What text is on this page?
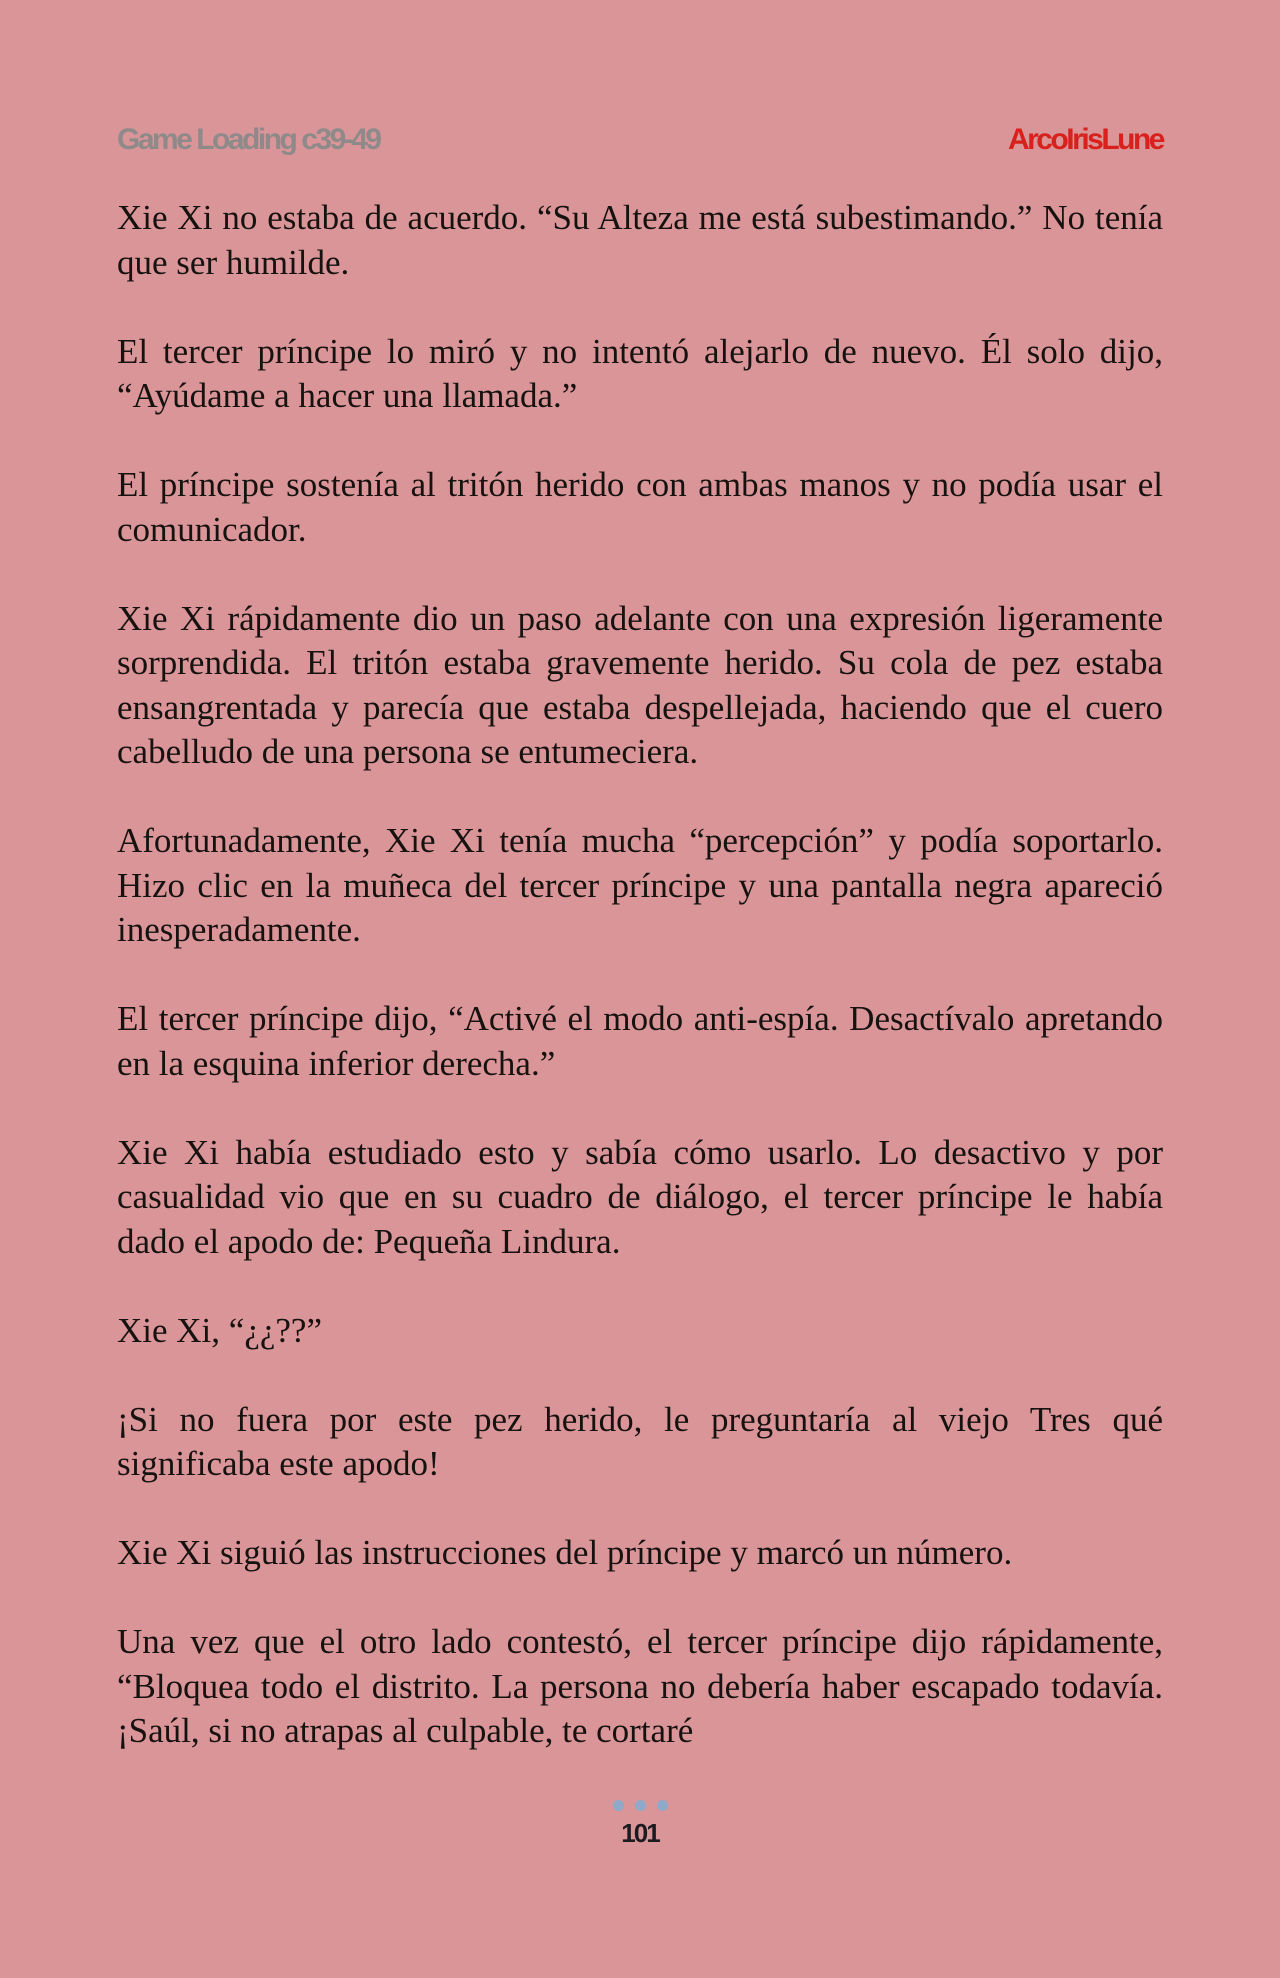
Game Loading c39-49	ArcoIrisLune

Xie Xi no estaba de acuerdo. “Su Alteza me está subestimando.” No tenía que ser humilde.

El tercer príncipe lo miró y no intentó alejarlo de nuevo. Él solo dijo, “Ayúdame a hacer una llamada.”

El príncipe sostenía al tritón herido con ambas manos y no podía usar el comunicador.

Xie Xi rápidamente dio un paso adelante con una expresión ligeramente sorprendida. El tritón estaba gravemente herido. Su cola de pez estaba ensangrentada y parecía que estaba despellejada, haciendo que el cuero cabelludo de una persona se entumeciera.

Afortunadamente, Xie Xi tenía mucha “percepción” y podía soportarlo. Hizo clic en la muñeca del tercer príncipe y una pantalla negra apareció inesperadamente.

El tercer príncipe dijo, “Activé el modo anti-espía. Desactívalo apretando en la esquina inferior derecha.”

Xie Xi había estudiado esto y sabía cómo usarlo. Lo desactivo y por casualidad vio que en su cuadro de diálogo, el tercer príncipe le había dado el apodo de: Pequeña Lindura.

Xie Xi, “¿¿??”

¡Si no fuera por este pez herido, le preguntaría al viejo Tres qué significaba este apodo!

Xie Xi siguió las instrucciones del príncipe y marcó un número.

Una vez que el otro lado contestó, el tercer príncipe dijo rápidamente, “Bloquea todo el distrito. La persona no debería haber escapado todavía. ¡Saúl, si no atrapas al culpable, te cortaré

101
